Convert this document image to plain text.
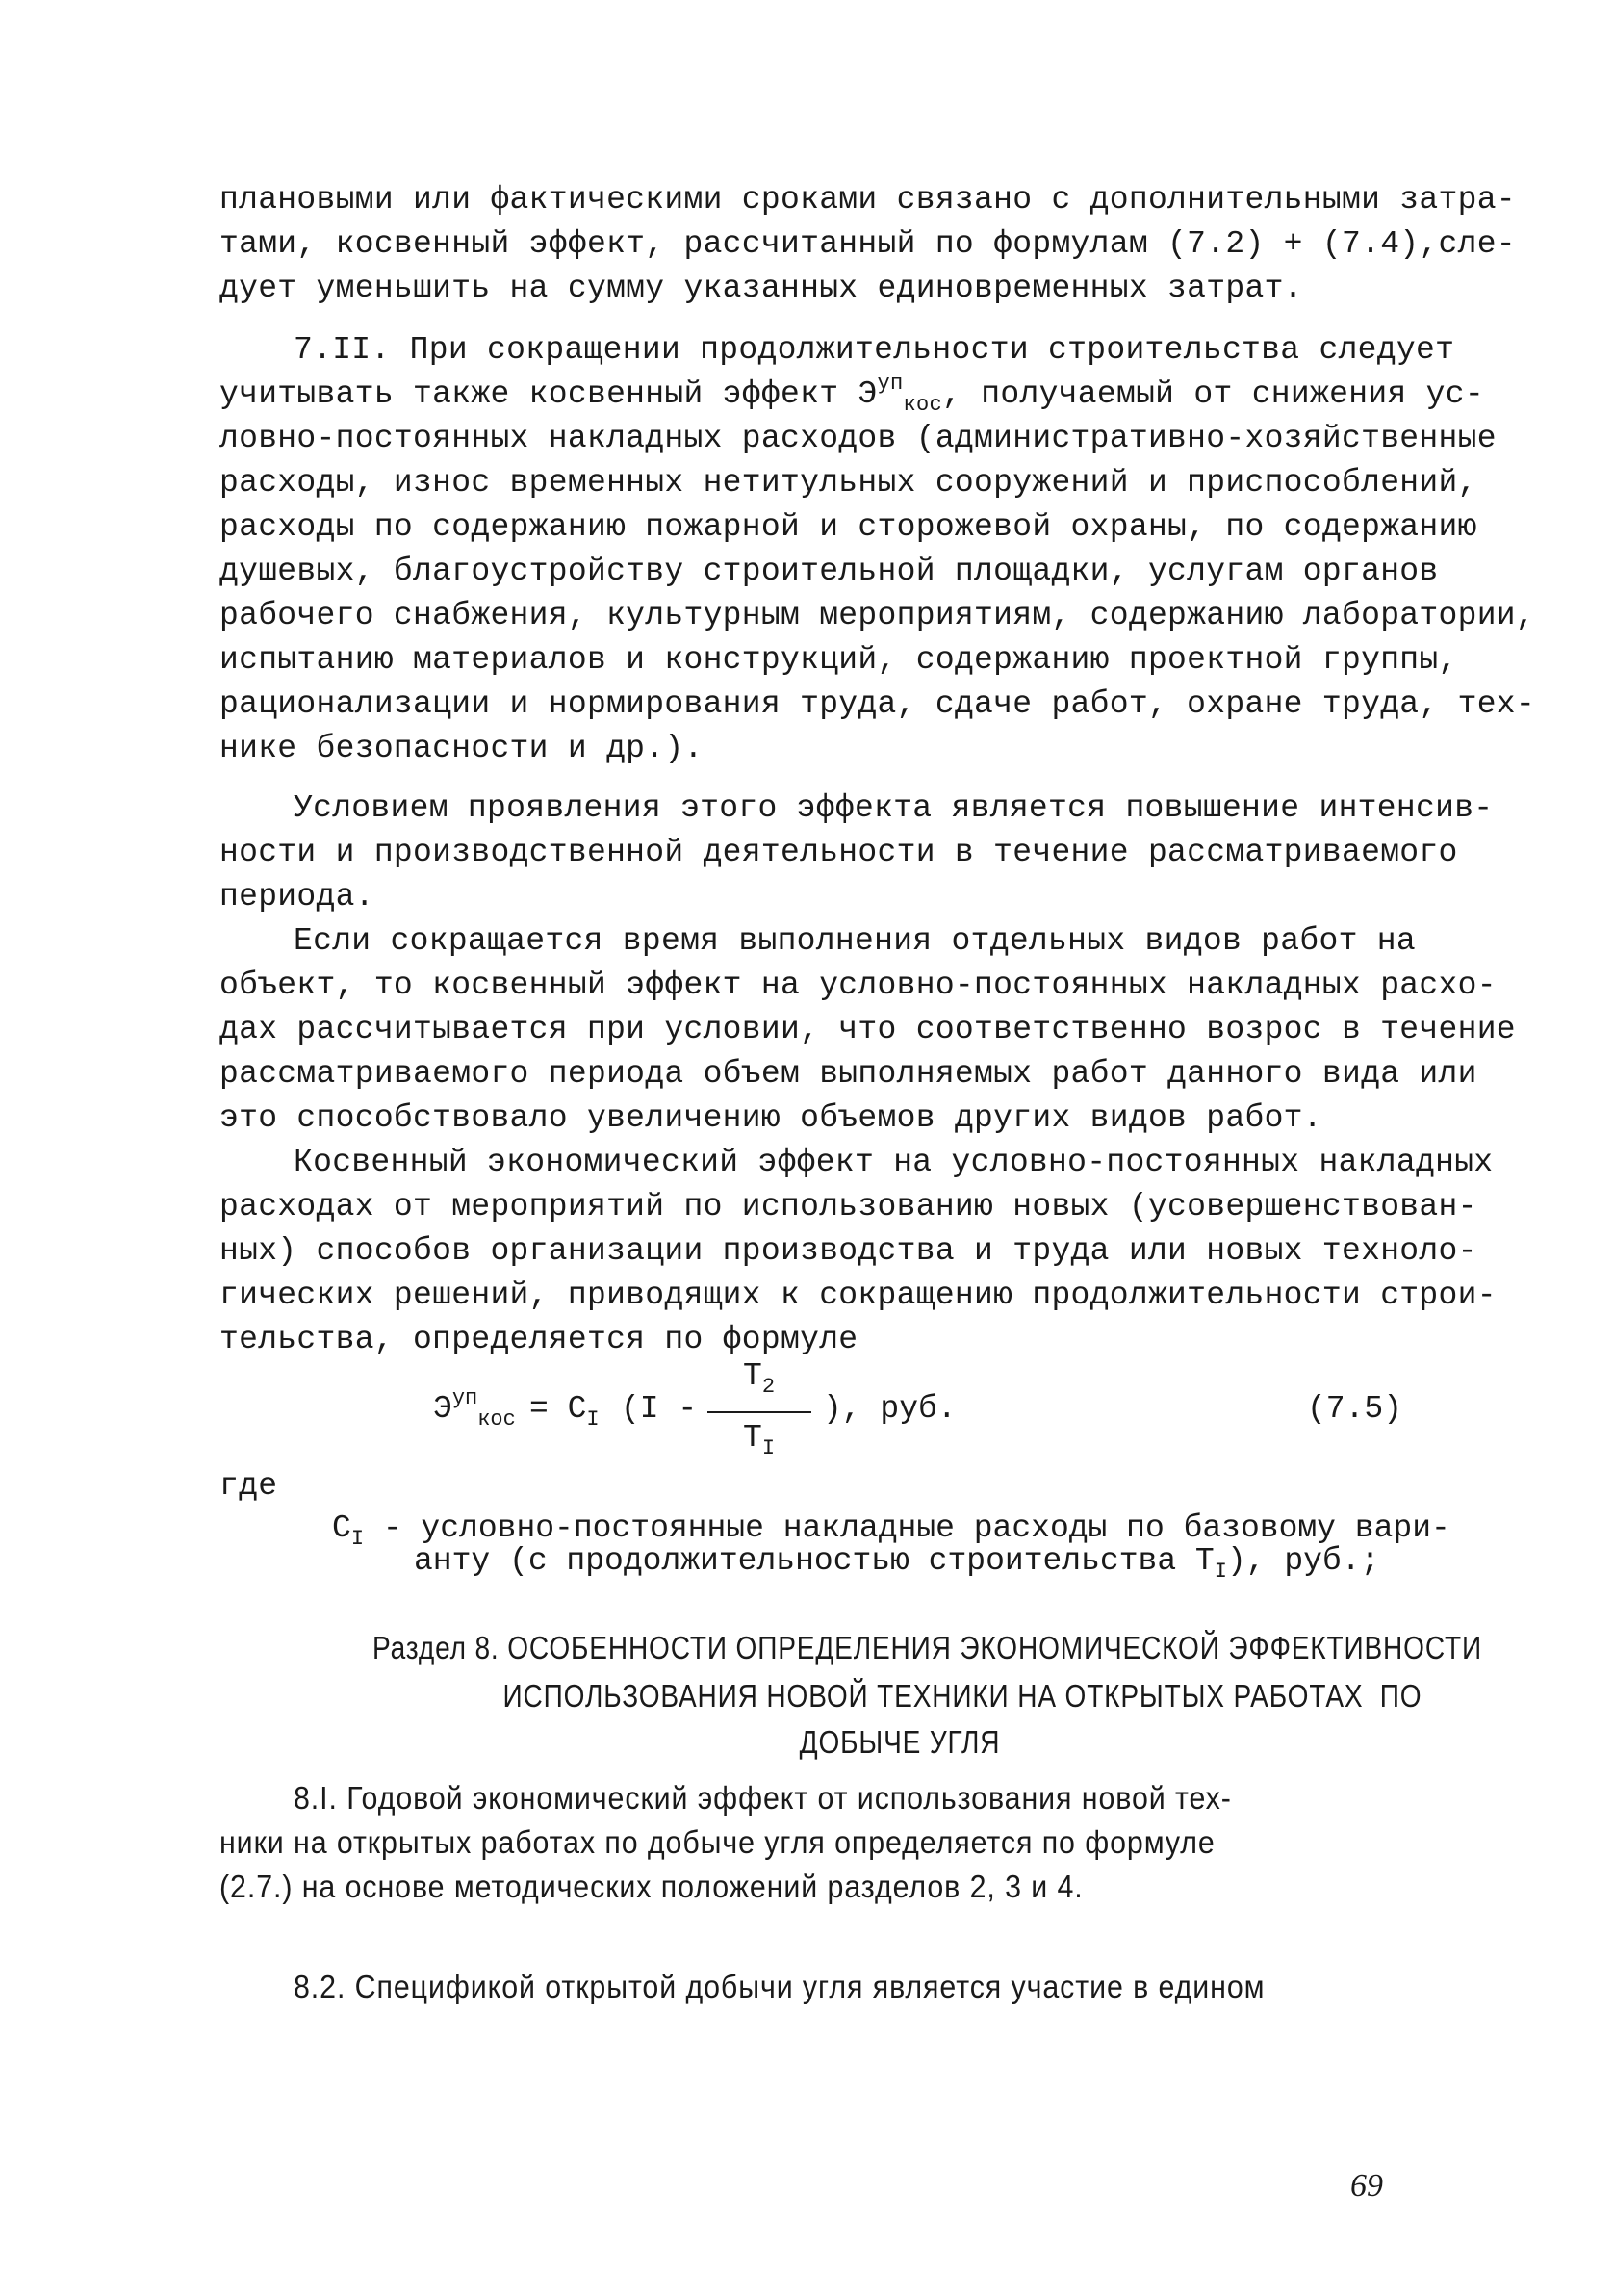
плановыми или фактическими сроками связано с дополнительными затра-
тами, косвенный эффект, рассчитанный по формулам (7.2) + (7.4),сле-
дует уменьшить на сумму указанных единовременных затрат.
7.II. При сокращении продолжительности строительства следует
учитывать также косвенный эффект $Э^{уп}_{кос}$, получаемый от снижения ус-
ловно-постоянных накладных расходов (административно-хозяйственные
расходы, износ временных нетитульных сооружений и приспособлений,
расходы по содержанию пожарной и сторожевой охраны, по содержанию
душевых, благоустройству строительной площадки, услугам органов
рабочего снабжения, культурным мероприятиям, содержанию лаборатории,
испытанию материалов и конструкций, содержанию проектной группы,
рационализации и нормирования труда, сдаче работ, охране труда, тех-
нике безопасности и др.).
Условием проявления этого эффекта является повышение интенсив-
ности и производственной деятельности в течение рассматриваемого
периода.
Если сокращается время выполнения отдельных видов работ на
объект, то косвенный эффект на условно-постоянных накладных расхо-
дах рассчитывается при условии, что соответственно возрос в течение
рассматриваемого периода объем выполняемых работ данного вида или
это способствовало увеличению объемов других видов работ.
Косвенный экономический эффект на условно-постоянных накладных
расходах от мероприятий по использованию новых (усовершенствован-
ных) способов организации производства и труда или новых техноло-
гических решений, приводящих к сокращению продолжительности строи-
тельства, определяется по формуле
$Э^{уп}_{кос} = C_I$ (I -
$T_2$
$T_I$
), руб.	(7.5)
где
$C_I$ - условно-постоянные накладные расходы по базовому вари-
анту (с продолжительностью строительства $T_I$), руб.;
Раздел 8. ОСОБЕННОСТИ ОПРЕДЕЛЕНИЯ ЭКОНОМИЧЕСКОЙ ЭФФЕКТИВНОСТИ
ИСПОЛЬЗОВАНИЯ НОВОЙ ТЕХНИКИ НА ОТКРЫТЫХ РАБОТАХ  ПО
ДОБЫЧЕ УГЛЯ
8.I. Годовой экономический эффект от использования новой тех-
ники на открытых работах по добыче угля определяется по формуле
(2.7.) на основе методических положений разделов 2, 3 и 4.
8.2. Спецификой открытой добычи угля является участие в едином
69
